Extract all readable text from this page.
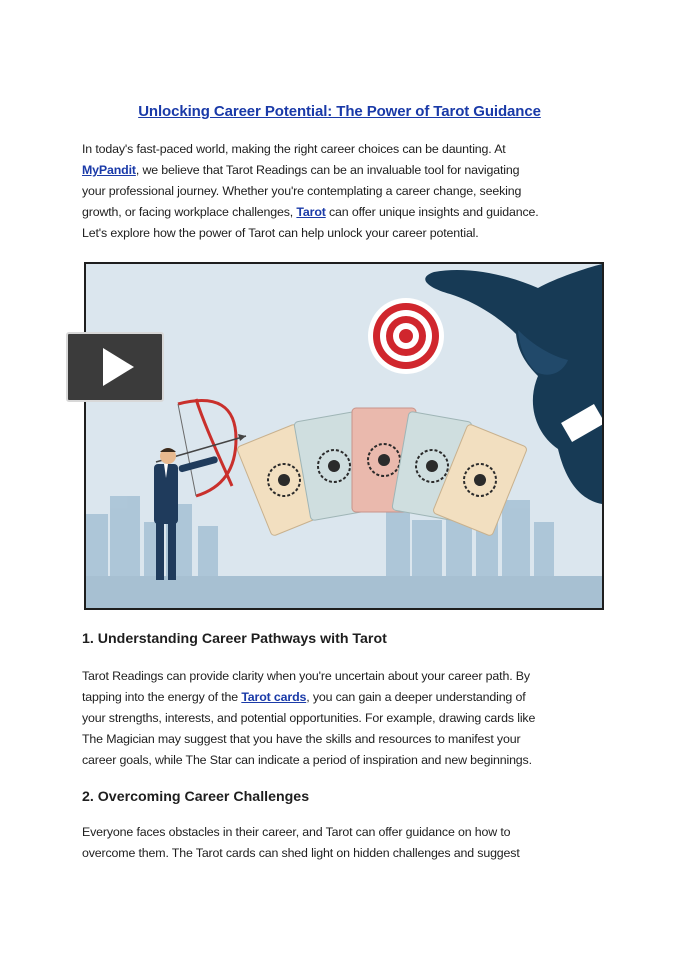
Unlocking Career Potential: The Power of Tarot Guidance
In today's fast-paced world, making the right career choices can be daunting. At
MyPandit, we believe that Tarot Readings can be an invaluable tool for navigating
your professional journey. Whether you're contemplating a career change, seeking
growth, or facing workplace challenges, Tarot can offer unique insights and guidance.
Let's explore how the power of Tarot can help unlock your career potential.
1. Understanding Career Pathways with Tarot
Tarot Readings can provide clarity when you're uncertain about your career path. By
tapping into the energy of the Tarot cards, you can gain a deeper understanding of
your strengths, interests, and potential opportunities. For example, drawing cards like
The Magician may suggest that you have the skills and resources to manifest your
career goals, while The Star can indicate a period of inspiration and new beginnings.
2. Overcoming Career Challenges
Everyone faces obstacles in their career, and Tarot can offer guidance on how to
overcome them. The Tarot cards can shed light on hidden challenges and suggest
